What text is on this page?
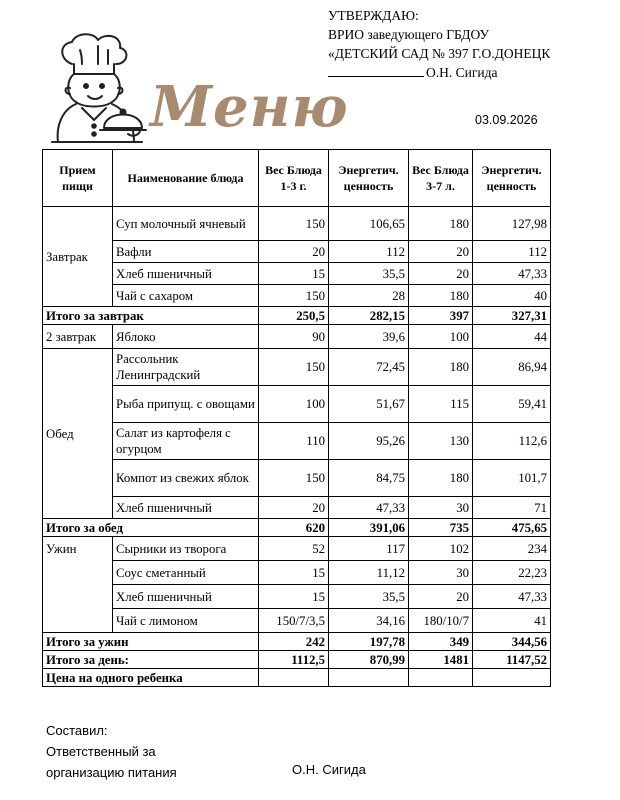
УТВЕРЖДАЮ:
ВРИО заведующего ГБДОУ
«ДЕТСКИЙ САД № 397 Г.О.ДОНЕЦК
О.Н. Сигида
Меню	03.09.2026
Прием пищи	Наименование блюда	Вес Блюда 1-3 г.	Энергетич. ценность	Вес Блюда 3-7 л.	Энергетич. ценность
Завтрак	Суп молочный ячневый	150	106,65	180	127,98
	Вафли	20	112	20	112
	Хлеб пшеничный	15	35,5	20	47,33
	Чай с сахаром	150	28	180	40
Итого за завтрак		250,5	282,15	397	327,31
2 завтрак	Яблоко	90	39,6	100	44
Обед	Рассольник Ленинградский	150	72,45	180	86,94
	Рыба припущ. с овощами	100	51,67	115	59,41
	Салат из картофеля с огурцом	110	95,26	130	112,6
	Компот из свежих яблок	150	84,75	180	101,7
	Хлеб пшеничный	20	47,33	30	71
Итого за обед		620	391,06	735	475,65
Ужин	Сырники из творога	52	117	102	234
	Соус сметанный	15	11,12	30	22,23
	Хлеб пшеничный	15	35,5	20	47,33
	Чай с лимоном	150/7/3,5	34,16	180/10/7	41
Итого за ужин		242	197,78	349	344,56
Итого за день:		1112,5	870,99	1481	1147,52
Цена на одного ребенка					
Составил:
Ответственный за
организацию питания	О.Н. Сигида
